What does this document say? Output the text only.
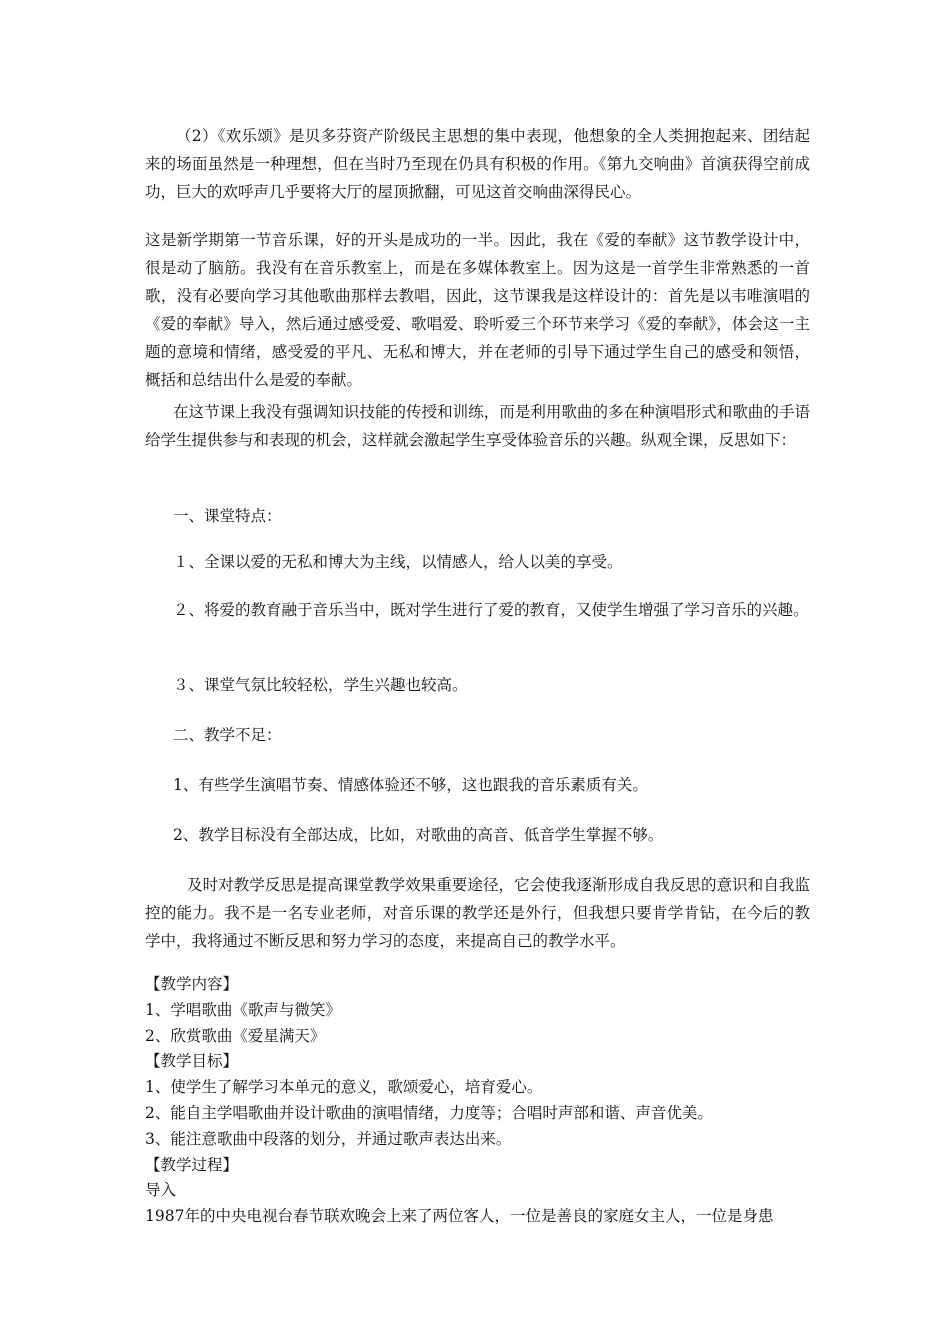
（2）《欢乐颂》是贝多芬资产阶级民主思想的集中表现，他想象的全人类拥抱起来、团结起来的场面虽然是一种理想，但在当时乃至现在仍具有积极的作用。《第九交响曲》首演获得空前成功，巨大的欢呼声几乎要将大厅的屋顶掀翻，可见这首交响曲深得民心。
这是新学期第一节音乐课，好的开头是成功的一半。因此，我在《爱的奉献》这节教学设计中，很是动了脑筋。我没有在音乐教室上，而是在多媒体教室上。因为这是一首学生非常熟悉的一首歌，没有必要向学习其他歌曲那样去教唱，因此，这节课我是这样设计的：首先是以韦唯演唱的《爱的奉献》导入，然后通过感受爱、歌唱爱、聆听爱三个环节来学习《爱的奉献》，体会这一主题的意境和情绪，感受爱的平凡、无私和博大，并在老师的引导下通过学生自己的感受和领悟，概括和总结出什么是爱的奉献。
在这节课上我没有强调知识技能的传授和训练，而是利用歌曲的多在种演唱形式和歌曲的手语给学生提供参与和表现的机会，这样就会激起学生享受体验音乐的兴趣。纵观全课，反思如下：
一、课堂特点：
１、全课以爱的无私和博大为主线，以情感人，给人以美的享受。
２、将爱的教育融于音乐当中，既对学生进行了爱的教育，又使学生增强了学习音乐的兴趣。
３、课堂气氛比较轻松，学生兴趣也较高。
二、教学不足：
1、有些学生演唱节奏、情感体验还不够，这也跟我的音乐素质有关。
2、教学目标没有全部达成，比如，对歌曲的高音、低音学生掌握不够。
及时对教学反思是提高课堂教学效果重要途径，它会使我逐渐形成自我反思的意识和自我监控的能力。我不是一名专业老师，对音乐课的教学还是外行，但我想只要肯学肯钻，在今后的教学中，我将通过不断反思和努力学习的态度，来提高自己的教学水平。
【教学内容】
1、学唱歌曲《歌声与微笑》
2、欣赏歌曲《爱星满天》
【教学目标】
1、使学生了解学习本单元的意义，歌颂爱心，培育爱心。
2、能自主学唱歌曲并设计歌曲的演唱情绪，力度等；合唱时声部和谐、声音优美。
3、能注意歌曲中段落的划分，并通过歌声表达出来。
【教学过程】
导入
1987年的中央电视台春节联欢晚会上来了两位客人，一位是善良的家庭女主人，一位是身患
